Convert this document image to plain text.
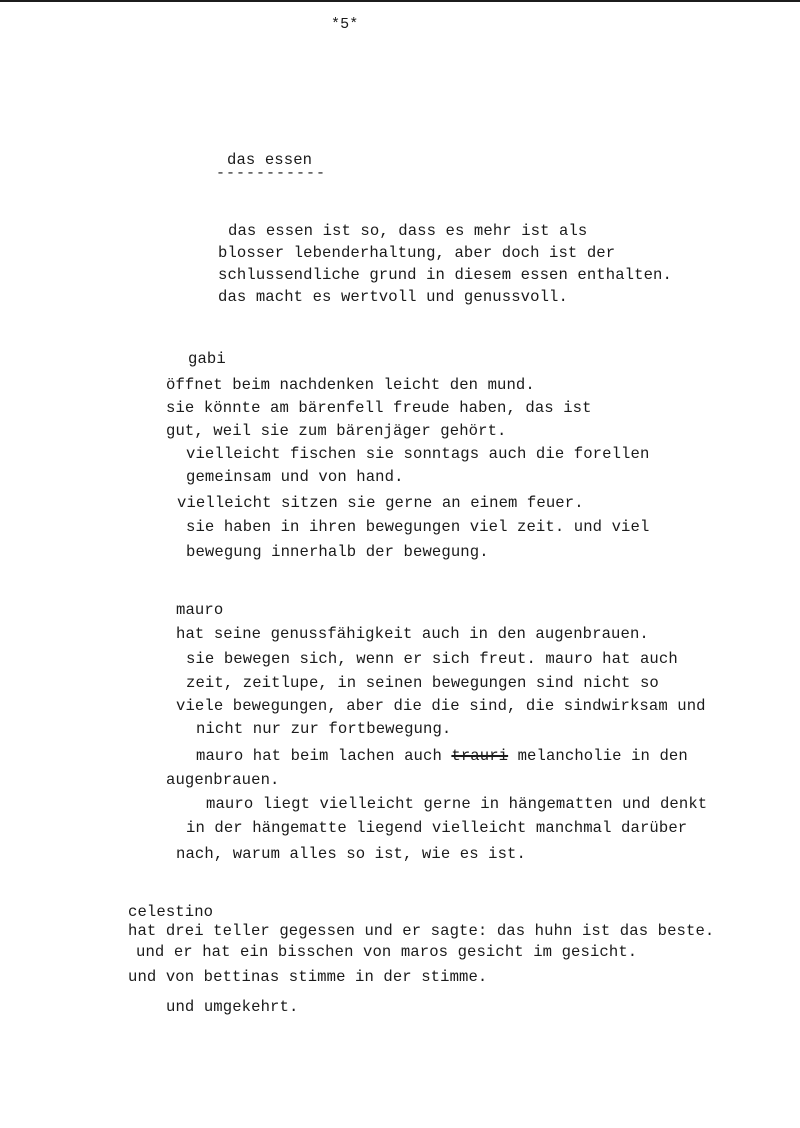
*5*
das essen
-----------
das essen ist so, dass es mehr ist als
blosser lebenderhaltung, aber doch ist der
schlussendliche grund in diesem essen enthalten.
das macht es wertvoll und genussvoll.
gabi
öffnet beim nachdenken leicht den mund.
sie könnte am bärenfell freude haben, das ist
gut, weil sie zum bärenjäger gehört.
vielleicht fischen sie sonntags auch die forellen
gemeinsam und von hand.
vielleicht sitzen sie gerne an einem feuer.
sie haben in ihren bewegungen viel zeit. und viel
bewegung innerhalb der bewegung.
mauro
hat seine genussfähigkeit auch in den augenbrauen.
sie bewegen sich, wenn er sich freut. mauro hat auch
zeit, zeitlupe, in seinen bewegungen sind nicht so
viele bewegungen, aber die die sind, die sindwirksam und
nicht nur zur fortbewegung.
mauro hat beim lachen auch trauri melancholie in den
augenbrauen.
mauro liegt vielleicht gerne in hängematten und denkt
in der hängematte liegend vielleicht manchmal darüber
nach, warum alles so ist, wie es ist.
celestino
hat drei teller gegessen und er sagte: das huhn ist das beste.
und er hat ein bisschen von maros gesicht im gesicht.
und von bettinas stimme in der stimme.
und umgekehrt.
